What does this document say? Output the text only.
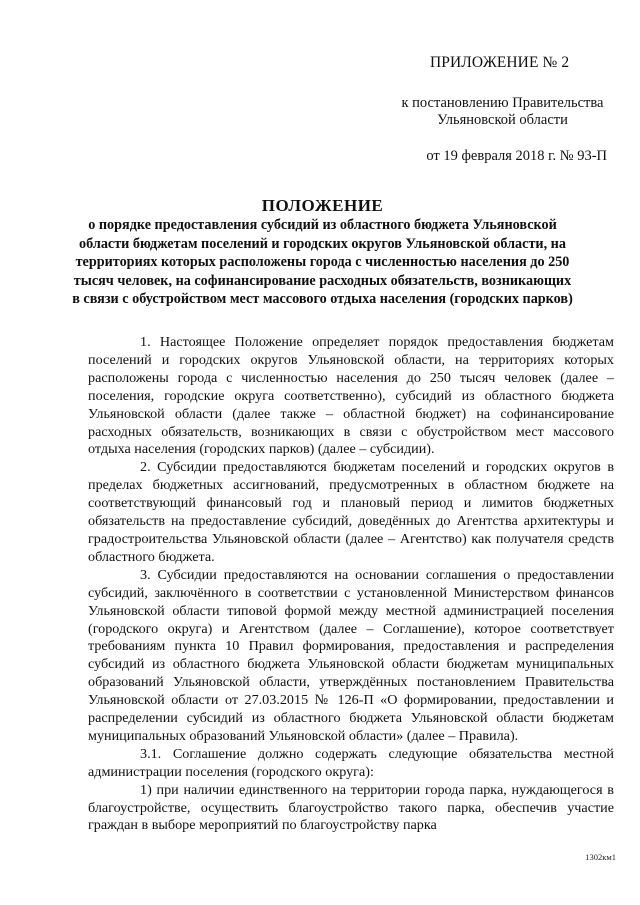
ПРИЛОЖЕНИЕ № 2
к постановлению Правительства
Ульяновской области
от 19 февраля 2018 г. № 93-П
ПОЛОЖЕНИЕ
о порядке предоставления субсидий из областного бюджета Ульяновской области бюджетам поселений и городских округов Ульяновской области, на территориях которых расположены города с численностью населения до 250 тысяч человек, на софинансирование расходных обязательств, возникающих в связи с обустройством мест массового отдыха населения (городских парков)

1. Настоящее Положение определяет порядок предоставления бюджетам поселений и городских округов Ульяновской области, на территориях которых расположены города с численностью населения до 250 тысяч человек (далее – поселения, городские округа соответственно), субсидий из областного бюджета Ульяновской области (далее также – областной бюджет) на софинансирование расходных обязательств, возникающих в связи с обустройством мест массового отдыха населения (городских парков) (далее – субсидии).

2. Субсидии предоставляются бюджетам поселений и городских округов в пределах бюджетных ассигнований, предусмотренных в областном бюджете на соответствующий финансовый год и плановый период и лимитов бюджетных обязательств на предоставление субсидий, доведённых до Агентства архитектуры и градостроительства Ульяновской области (далее – Агентство) как получателя средств областного бюджета.

3. Субсидии предоставляются на основании соглашения о предоставлении субсидий, заключённого в соответствии с установленной Министерством финансов Ульяновской области типовой формой между местной администрацией поселения (городского округа) и Агентством (далее – Соглашение), которое соответствует требованиям пункта 10 Правил формирования, предоставления и распределения субсидий из областного бюджета Ульяновской области бюджетам муниципальных образований Ульяновской области, утверждённых постановлением Правительства Ульяновской области от 27.03.2015 № 126-П «О формировании, предоставлении и распределении субсидий из областного бюджета Ульяновской области бюджетам муниципальных образований Ульяновской области» (далее – Правила).

3.1. Соглашение должно содержать следующие обязательства местной администрации поселения (городского округа):

1) при наличии единственного на территории города парка, нуждающегося в благоустройстве, осуществить благоустройство такого парка, обеспечив участие граждан в выборе мероприятий по благоустройству парка

1302км1
